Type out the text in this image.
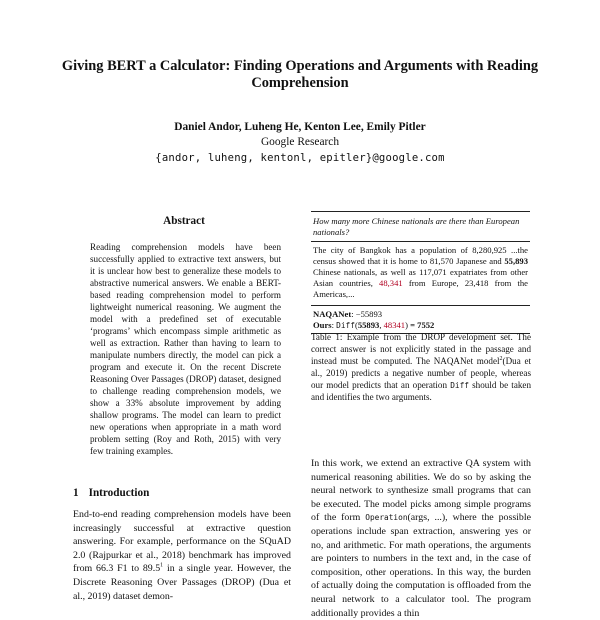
Giving BERT a Calculator: Finding Operations and Arguments with Reading Comprehension
Daniel Andor, Luheng He, Kenton Lee, Emily Pitler
Google Research
{andor, luheng, kentonl, epitler}@google.com
Abstract
Reading comprehension models have been successfully applied to extractive text answers, but it is unclear how best to generalize these models to abstractive numerical answers. We enable a BERT-based reading comprehension model to perform lightweight numerical reasoning. We augment the model with a predefined set of executable ‘programs’ which encompass simple arithmetic as well as extraction. Rather than having to learn to manipulate numbers directly, the model can pick a program and execute it. On the recent Discrete Reasoning Over Passages (DROP) dataset, designed to challenge reading comprehension models, we show a 33% absolute improvement by adding shallow programs. The model can learn to predict new operations when appropriate in a math word problem setting (Roy and Roth, 2015) with very few training examples.
1 Introduction
End-to-end reading comprehension models have been increasingly successful at extractive question answering. For example, performance on the SQuAD 2.0 (Rajpurkar et al., 2018) benchmark has improved from 66.3 F1 to 89.5$^1$ in a single year. However, the Discrete Reasoning Over Passages (DROP) (Dua et al., 2019) dataset demon-
How many more Chinese nationals are there than European nationals?
The city of Bangkok has a population of 8,280,925 ...the census showed that it is home to 81,570 Japanese and 55,893 Chinese nationals, as well as 117,071 expatriates from other Asian countries, 48,341 from Europe, 23,418 from the Americas,...
NAQANet: −55893
Ours: Diff(55893, 48341) = 7552
Table 1: Example from the DROP development set. The correct answer is not explicitly stated in the passage and instead must be computed. The NAQANet model$^2$(Dua et al., 2019) predicts a negative number of people, whereas our model predicts that an operation Diff should be taken and identifies the two arguments.
In this work, we extend an extractive QA system with numerical reasoning abilities. We do so by asking the neural network to synthesize small programs that can be executed. The model picks among simple programs of the form Operation(args, ...), where the possible operations include span extraction, answering yes or no, and arithmetic. For math operations, the arguments are pointers to numbers in the text and, in the case of composition, other operations. In this way, the burden of actually doing the computation is offloaded from the neural network to a calculator tool. The program additionally provides a thin
